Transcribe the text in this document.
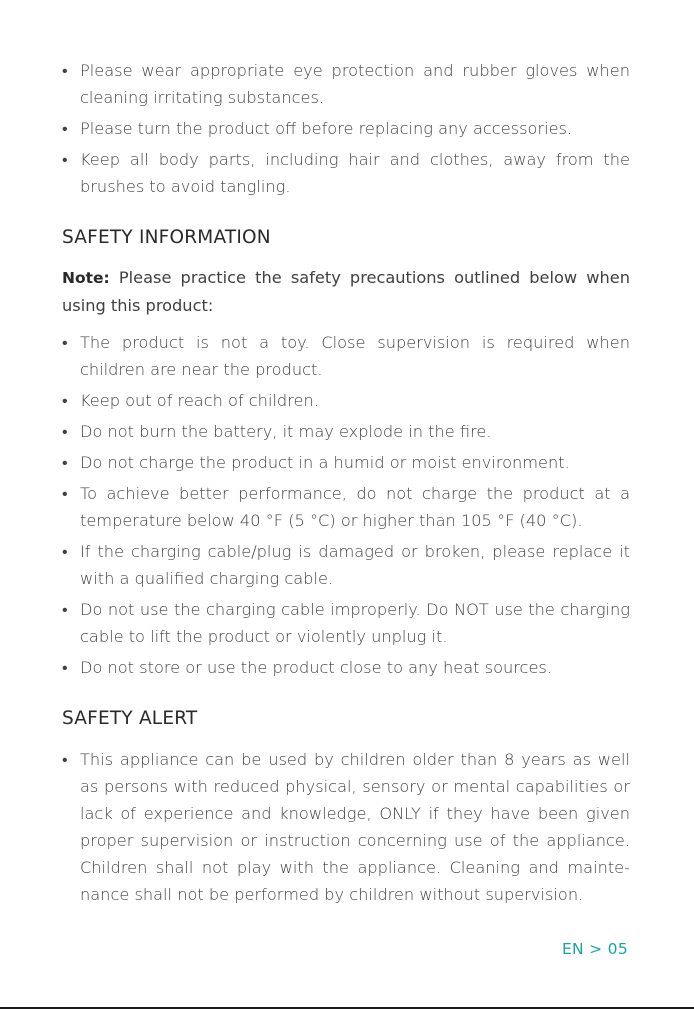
• Please wear appropriate eye protection and rubber gloves when cleaning irritating substances.
• Please turn the product off before replacing any accessories.
• Keep all body parts, including hair and clothes, away from the brushes to avoid tangling.
SAFETY INFORMATION
Note: Please practice the safety precautions outlined below when using this product:
• The product is not a toy. Close supervision is required when children are near the product.
• Keep out of reach of children.
• Do not burn the battery, it may explode in the fire.
• Do not charge the product in a humid or moist environment.
• To achieve better performance, do not charge the product at a temperature below 40 °F (5 °C) or higher than 105 °F (40 °C).
• If the charging cable/plug is damaged or broken, please replace it with a qualified charging cable.
• Do not use the charging cable improperly. Do NOT use the charging cable to lift the product or violently unplug it.
• Do not store or use the product close to any heat sources.
SAFETY ALERT
• This appliance can be used by children older than 8 years as well as persons with reduced physical, sensory or mental capabilities or lack of experience and knowledge, ONLY if they have been given proper supervision or instruction concerning use of the appliance. Children shall not play with the appliance. Cleaning and mainte-nance shall not be performed by children without supervision.
EN > 05
